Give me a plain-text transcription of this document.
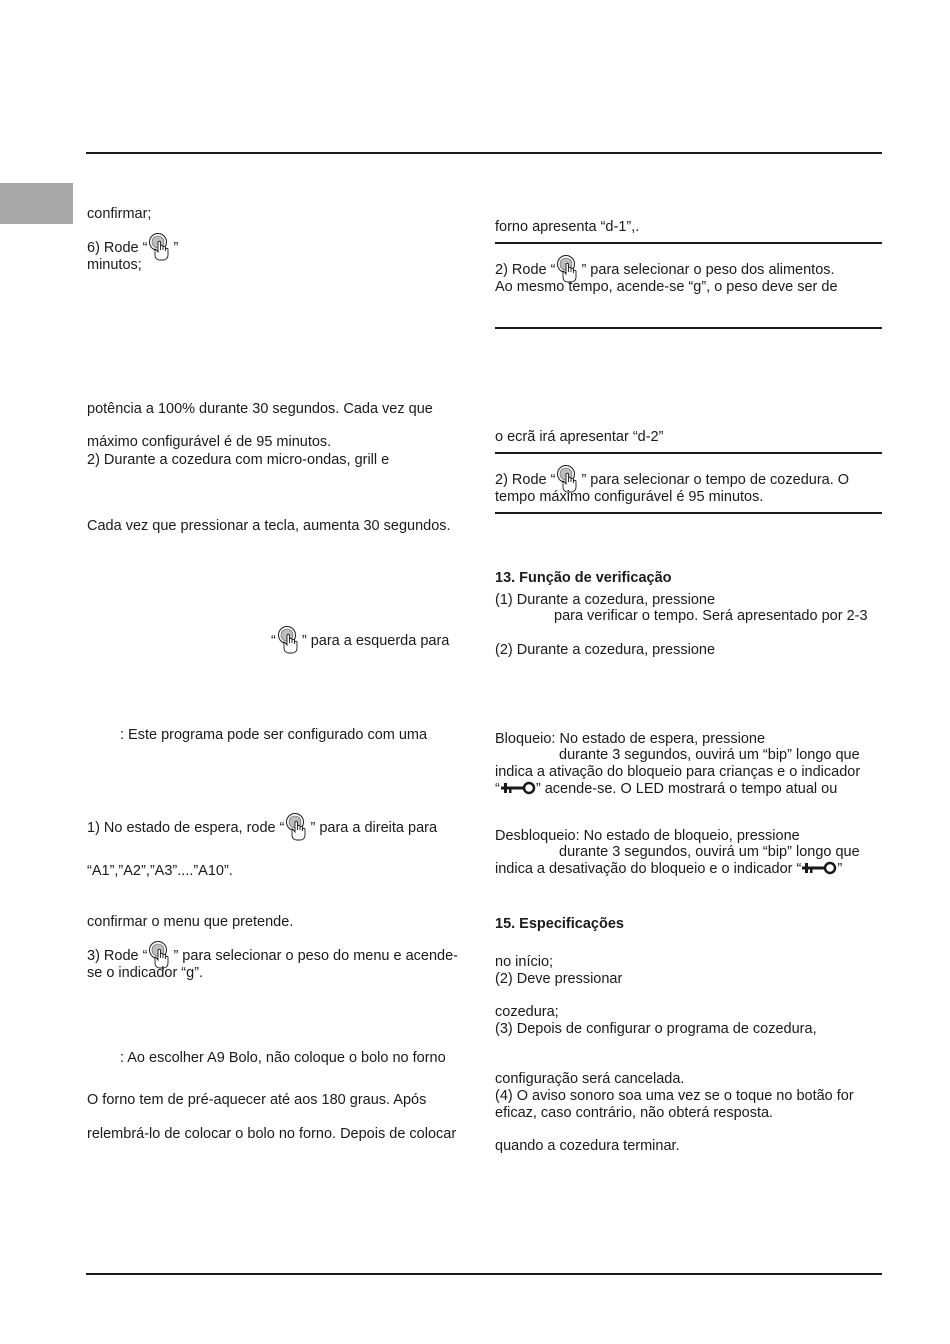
confirmar;
6) Rode “ ”
minutos;
potência a 100% durante 30 segundos. Cada vez que
máximo configurável é de 95 minutos.
2) Durante a cozedura com micro-ondas, grill e
Cada vez que pressionar a tecla, aumenta 30 segundos.
“ ” para a esquerda para
: Este programa pode ser configurado com uma
1) No estado de espera, rode “ ” para a direita para
“A1”,”A2”,”A3”....”A10”.
confirmar o menu que pretende.
3) Rode “ ” para selecionar o peso do menu e acende-
se o indicador “g”.
: Ao escolher A9 Bolo, não coloque o bolo no forno
O forno tem de pré-aquecer até aos 180 graus. Após
relembrá-lo de colocar o bolo no forno. Depois de colocar
forno apresenta “d-1”,.
2) Rode “ ” para selecionar o peso dos alimentos.
Ao mesmo tempo, acende-se “g”, o peso deve ser de
o ecrã irá apresentar “d-2”
2) Rode “ ” para selecionar o tempo de cozedura. O
tempo máximo configurável é 95 minutos.
13. Função de verificação
(1) Durante a cozedura, pressione
para verificar o tempo. Será apresentado por 2-3
(2) Durante a cozedura, pressione
Bloqueio: No estado de espera, pressione
durante 3 segundos, ouvirá um “bip” longo que
indica a ativação do bloqueio para crianças e o indicador
“ ” acende-se. O LED mostrará o tempo atual ou
Desbloqueio: No estado de bloqueio, pressione
durante 3 segundos, ouvirá um “bip” longo que
indica a desativação do bloqueio e o indicador “ ”
15. Especificações
no início;
(2) Deve pressionar
cozedura;
(3) Depois de configurar o programa de cozedura,
configuração será cancelada.
(4) O aviso sonoro soa uma vez se o toque no botão for
eficaz, caso contrário, não obterá resposta.
quando a cozedura terminar.
